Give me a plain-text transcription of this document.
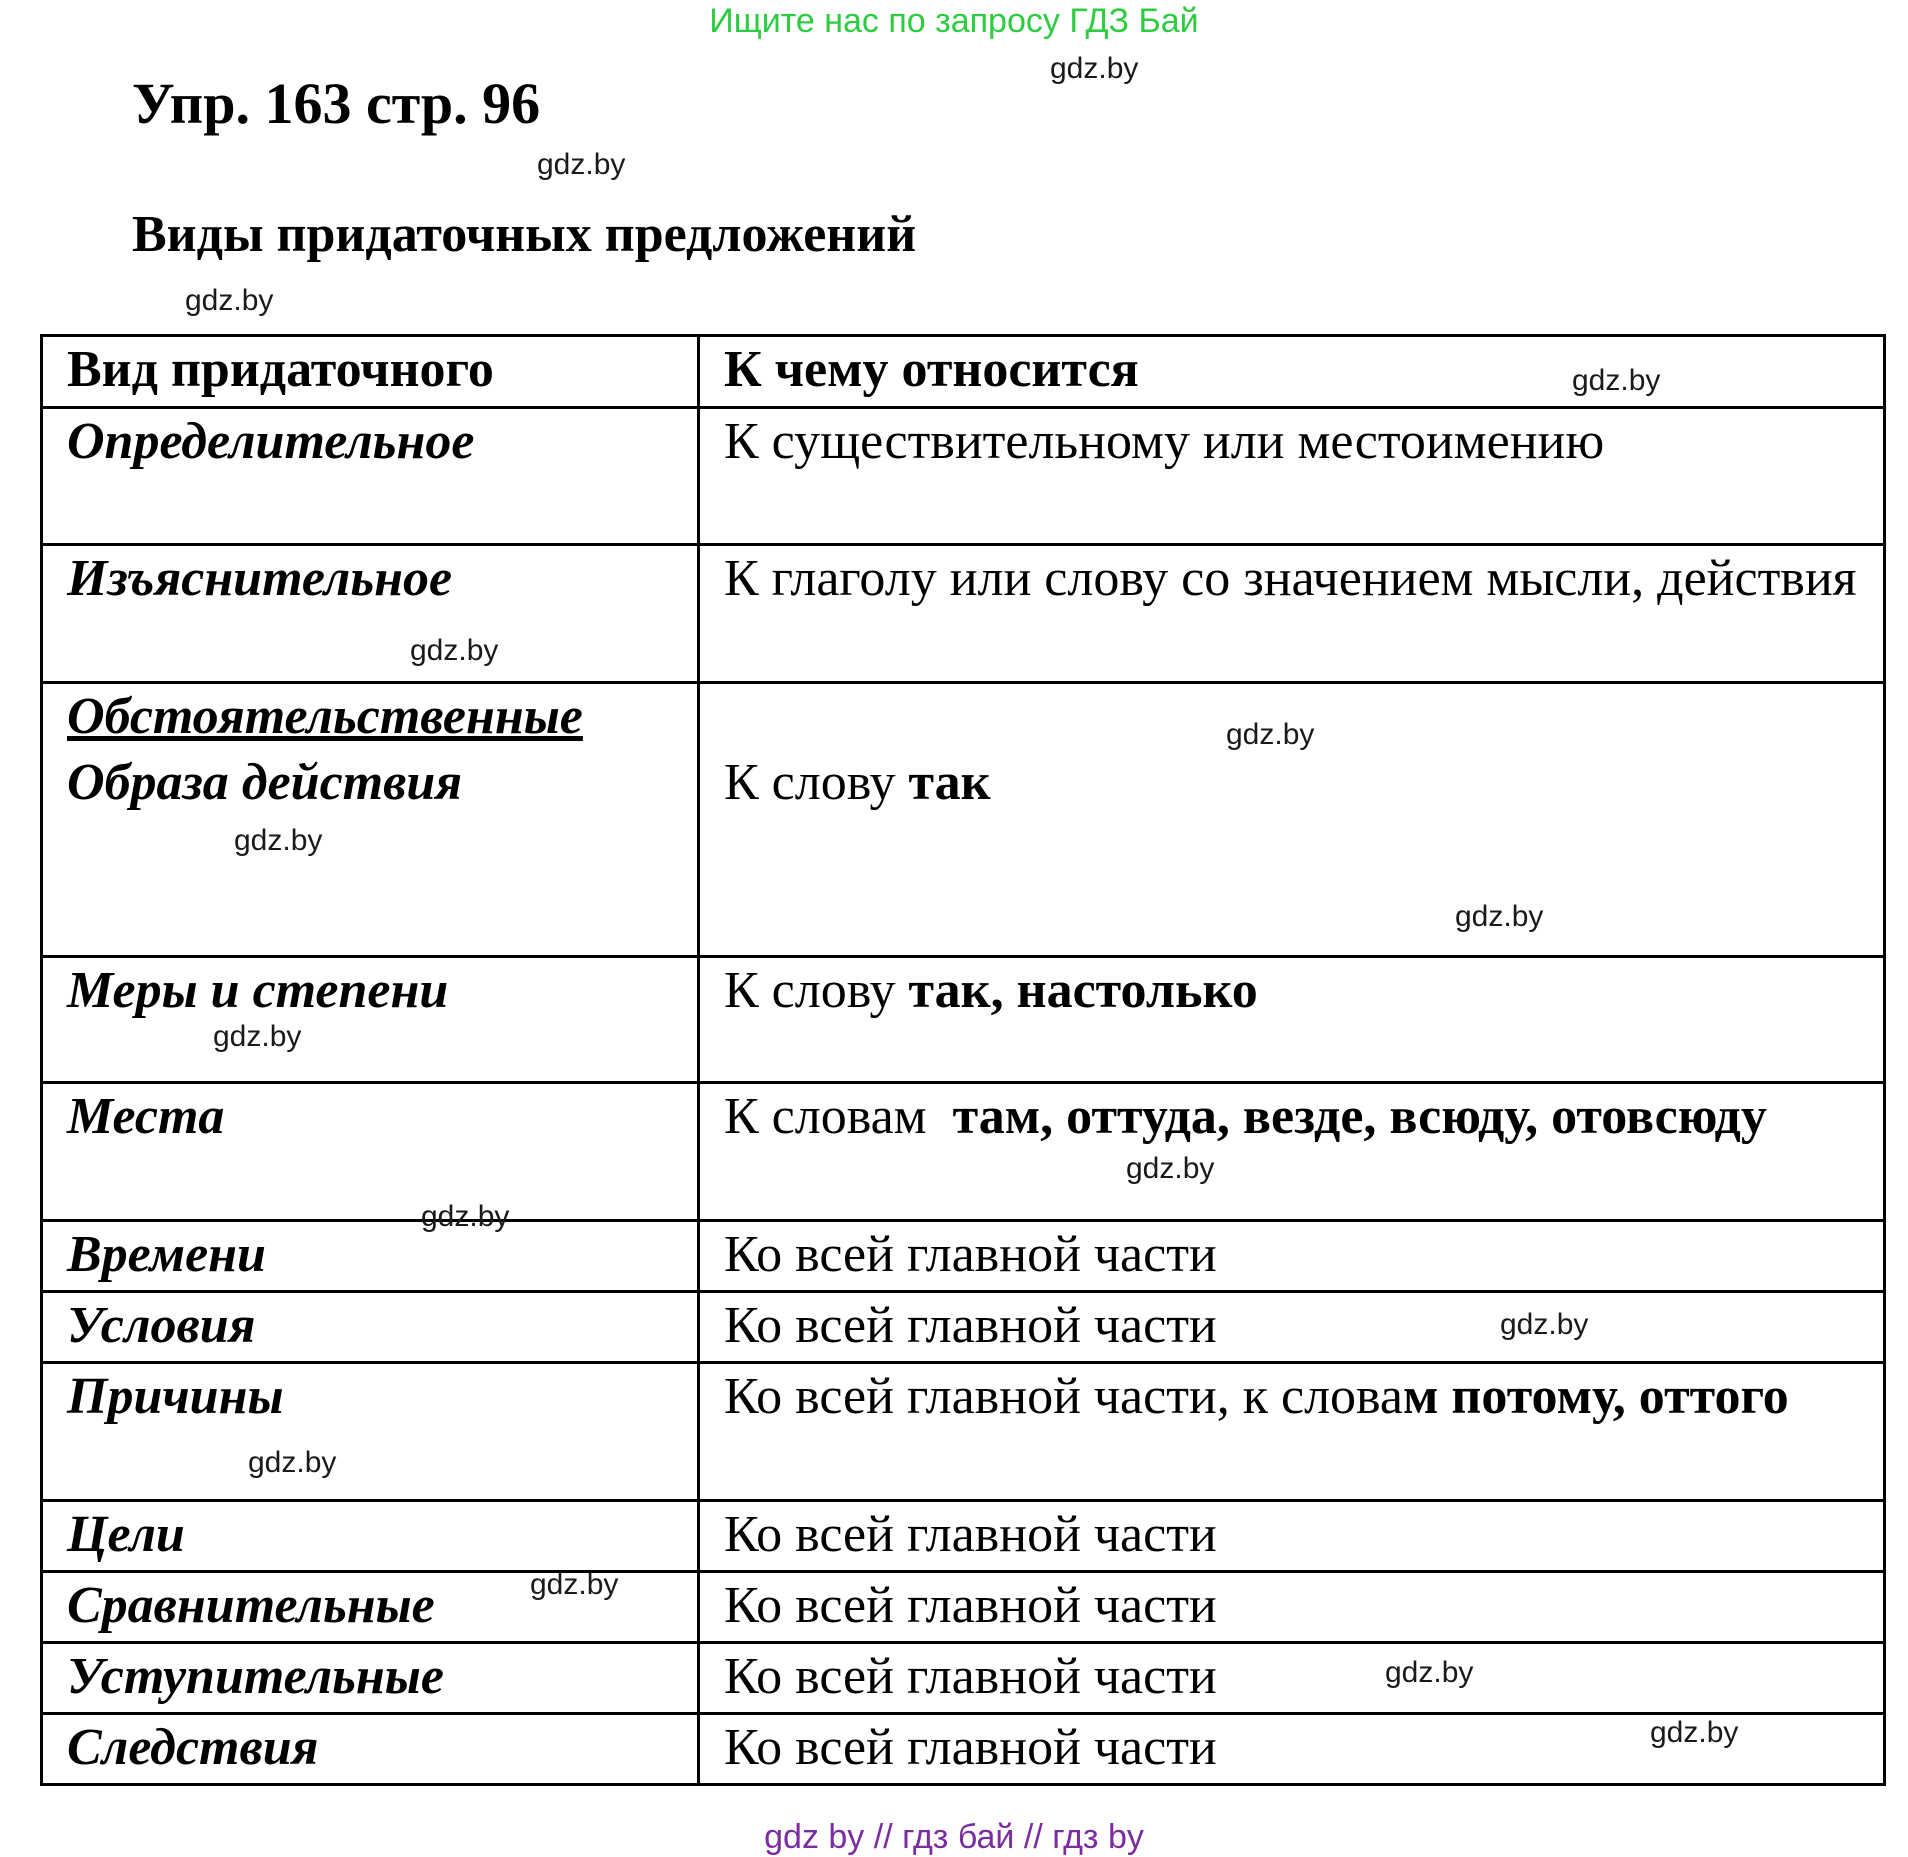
Ищите нас по запросу ГДЗ Бай
Упр. 163 стр. 96
Виды придаточных предложений
Вид придаточного	К чему относится
Определительное	К существительному или местоимению
Изъяснительное	К глаголу или слову со значением мысли, действия

Обстоятельственные
Образа действия	К слову так
Меры и степени	К слову так, настолько
Места	К словам  там, оттуда, везде, всюду, отовсюду
Времени	Ко всей главной части
Условия	Ко всей главной части
Причины	Ко всей главной части, к словам потому, оттого
Цели	Ко всей главной части
Сравнительные	Ко всей главной части
Уступительные	Ко всей главной части
Следствия	Ко всей главной части
gdz.by
gdz.by
gdz.by
gdz.by
gdz.by
gdz.by
gdz.by
gdz.by
gdz.by
gdz.by
gdz.by
gdz.by
gdz.by
gdz.by
gdz.by
gdz.by
gdz by // гдз бай // гдз by
